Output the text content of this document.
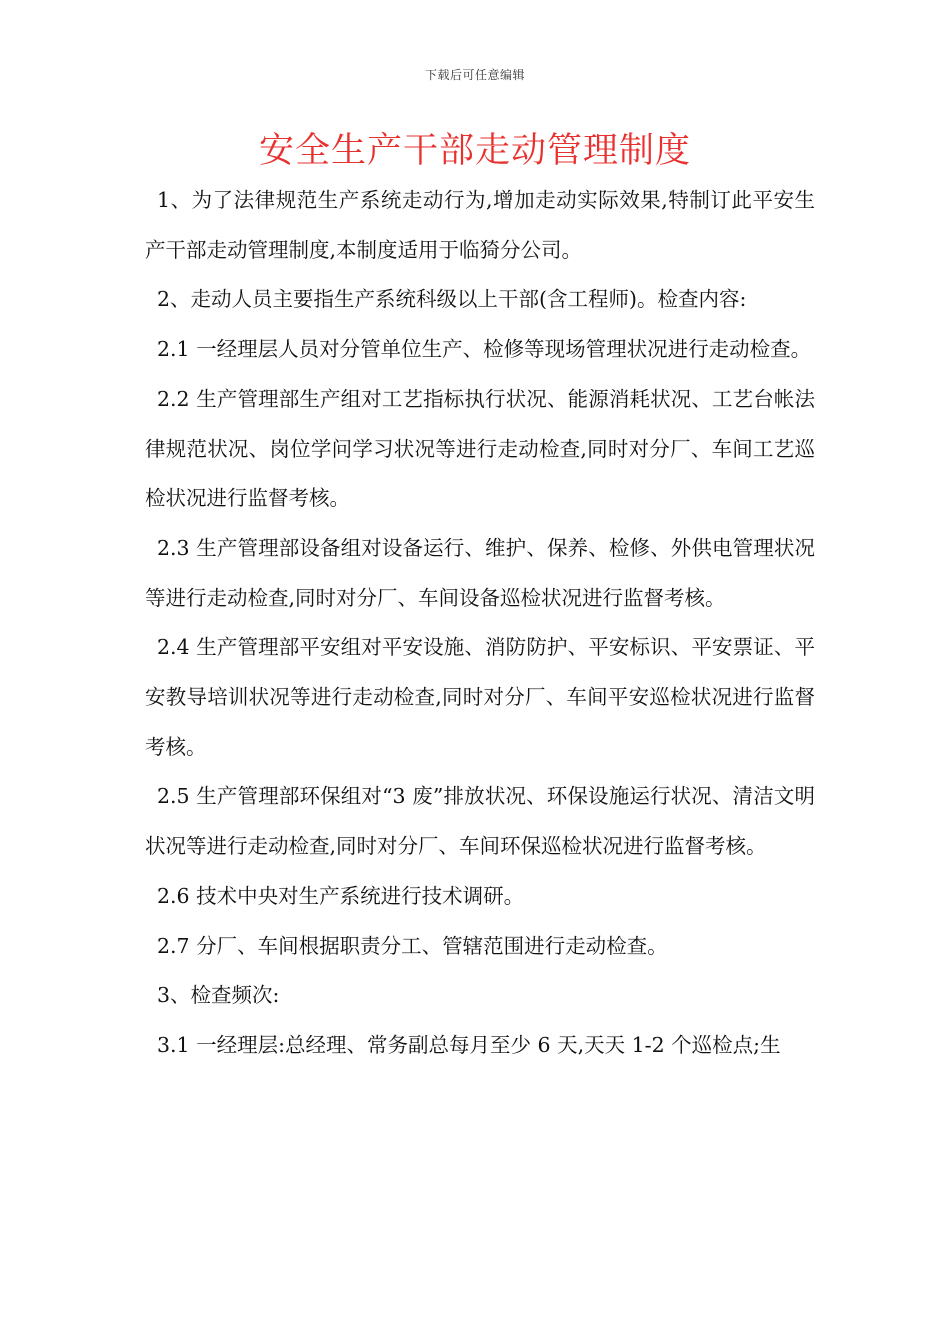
下载后可任意编辑
安全生产干部走动管理制度

1、为了法律规范生产系统走动行为,增加走动实际效果,特制订此平安生产干部走动管理制度,本制度适用于临猗分公司。

2、走动人员主要指生产系统科级以上干部(含工程师)。检查内容:

2.1 一经理层人员对分管单位生产、检修等现场管理状况进行走动检查。

2.2 生产管理部生产组对工艺指标执行状况、能源消耗状况、工艺台帐法律规范状况、岗位学问学习状况等进行走动检查,同时对分厂、车间工艺巡检状况进行监督考核。

2.3 生产管理部设备组对设备运行、维护、保养、检修、外供电管理状况等进行走动检查,同时对分厂、车间设备巡检状况进行监督考核。

2.4 生产管理部平安组对平安设施、消防防护、平安标识、平安票证、平安教导培训状况等进行走动检查,同时对分厂、车间平安巡检状况进行监督考核。

2.5 生产管理部环保组对“3 废”排放状况、环保设施运行状况、清洁文明状况等进行走动检查,同时对分厂、车间环保巡检状况进行监督考核。

2.6 技术中央对生产系统进行技术调研。

2.7 分厂、车间根据职责分工、管辖范围进行走动检查。

3、检查频次:

3.1 一经理层:总经理、常务副总每月至少 6 天,天天 1-2 个巡检点;生
